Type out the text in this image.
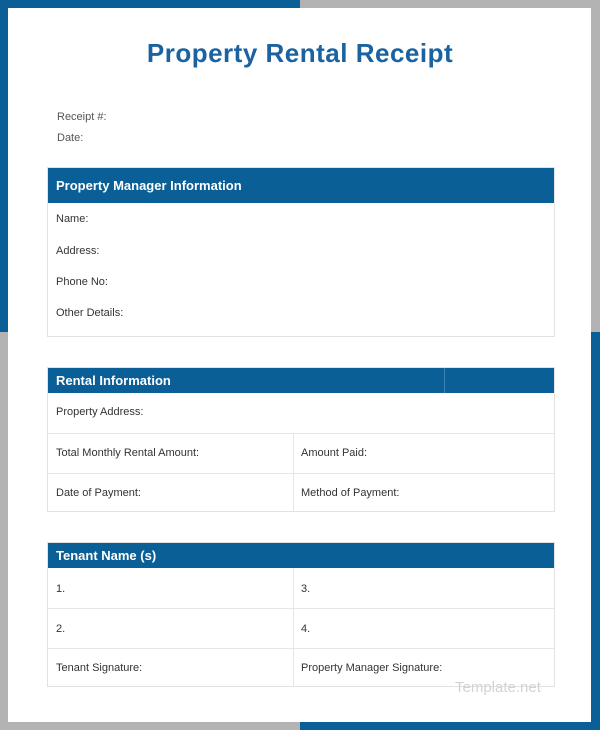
Property Rental Receipt
Receipt #:
Date:
Property Manager Information
Name:
Address:
Phone No:
Other Details:
Rental Information
Property Address:
Total Monthly Rental Amount:	Amount Paid:
Date of Payment:	Method of Payment:
Tenant Name (s)
1.	3.
2.	4.
Tenant Signature:	Property Manager Signature:
Template.net
